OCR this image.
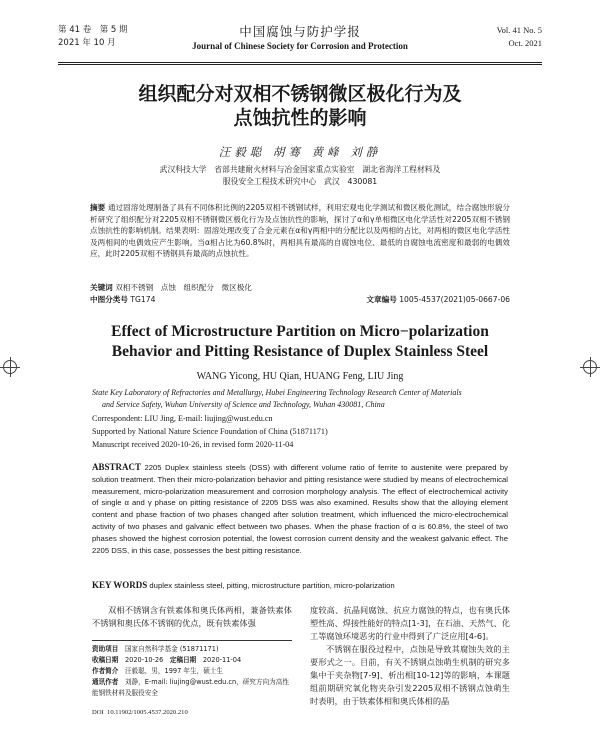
第 41 卷　第 5 期
2021 年 10 月
中国腐蚀与防护学报
Journal of Chinese Society for Corrosion and Protection
Vol. 41 No. 5
Oct. 2021
组织配分对双相不锈钢微区极化行为及
点蚀抗性的影响
汪毅聪 胡骞 黄峰 刘静
武汉科技大学　省部共建耐火材料与冶金国家重点实验室　湖北省海洋工程材料及
服役安全工程技术研究中心　武汉　430081
摘要 通过固溶处理制备了具有不同体积比例的2205双相不锈钢试样，利用宏观电化学测试和微区极化测试，结合腐蚀形貌分析研究了组织配分对2205双相不锈钢微区极化行为及点蚀抗性的影响，探讨了α和γ单相微区电化学活性对2205双相不锈钢点蚀抗性的影响机制。结果表明：固溶处理改变了合金元素在α和γ两相中的分配比以及两相的占比，对两相的微区电化学活性及两相间的电偶效应产生影响。当α相占比为60.8%时，两相具有最高的自腐蚀电位、最低的自腐蚀电流密度和最弱的电偶效应，此时2205双相不锈钢具有最高的点蚀抗性。
关键词 双相不锈钢　点蚀　组织配分　微区极化
中图分类号 TG174	文章编号 1005-4537(2021)05-0667-06
Effect of Microstructure Partition on Micro−polarization
Behavior and Pitting Resistance of Duplex Stainless Steel
WANG Yicong, HU Qian, HUANG Feng, LIU Jing
State Key Laboratory of Refractories and Metallurgy, Hubei Engineering Technology Research Center of Materials
and Service Safety, Wuhan University of Science and Technology, Wuhan 430081, China
Correspondent: LIU Jing, E-mail: liujing@wust.edu.cn
Supported by National Nature Science Foundation of China (51871171)
Manuscript received 2020-10-26, in revised form 2020-11-04
ABSTRACT 2205 Duplex stainless steels (DSS) with different volume ratio of ferrite to austenite were prepared by solution treatment. Then their micro-polarization behavior and pitting resistance were studied by means of electrochemical measurement, micro-polarization measurement and corrosion morphology analysis. The effect of electrochemical activity of single α and γ phase on pitting resistance of 2205 DSS was also examined. Results show that the alloying element content and phase fraction of two phases changed after solution treatment, which influenced the micro-electrochemical activity of two phases and galvanic effect between two phases. When the phase fraction of α is 60.8%, the steel of two phases showed the highest corrosion potential, the lowest corrosion current density and the weakest galvanic effect. The 2205 DSS, in this case, possesses the best pitting resistance.
KEY WORDS duplex stainless steel, pitting, microstructure partition, micro-polarization

双相不锈钢含有铁素体和奥氏体两相，兼备铁素体不锈钢和奥氏体不锈钢的优点，既有铁素体强

度较高、抗晶间腐蚀、抗应力腐蚀的特点，也有奥氏体塑性高、焊接性能好的特点[1-3]，在石油、天然气、化工等腐蚀环境恶劣的行业中得到了广泛应用[4-6]。

不锈钢在服役过程中，点蚀是导致其腐蚀失效的主要形式之一。目前，有关不锈钢点蚀萌生机制的研究多集中于夹杂物[7-9]、析出相[10-12]等的影响，本课题组前期研究氧化物夹杂引发2205双相不锈钢点蚀萌生时表明，由于铁素体相和奥氏体相的晶

资助项目　 国家自然科学基金 (51871171)
收稿日期　 2020-10-26　 定稿日期　 2020-11-04
作者简介　 汪毅聪，男，1997 年生，硕士生
通讯作者　 刘静，E-mail: liujing@wust.edu.cn，研究方向为高性能钢铁材料及服役安全
DOI 10.11902/1005.4537.2020.210
